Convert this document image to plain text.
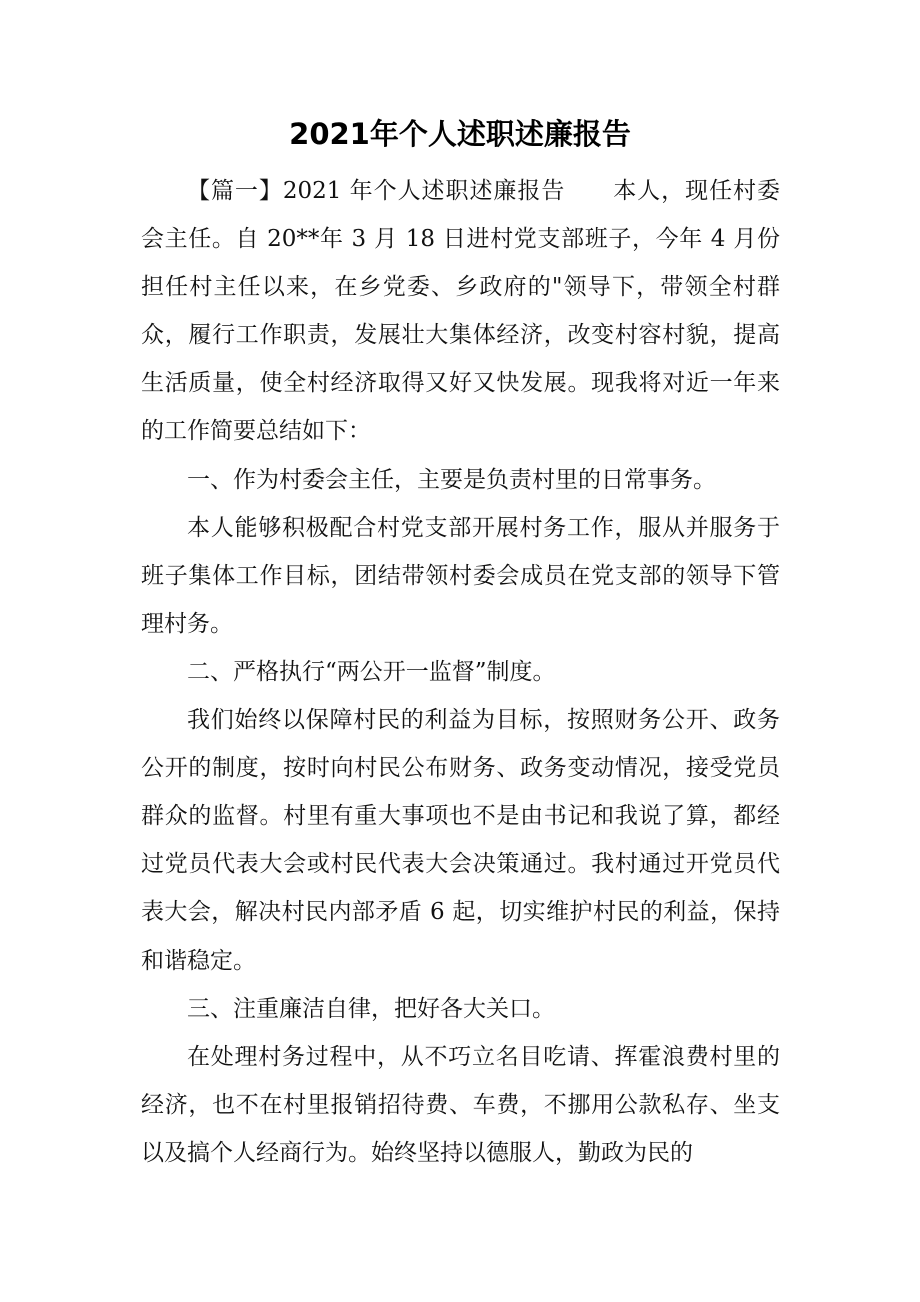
2021年个人述职述廉报告

【篇一】2021 年个人述职述廉报告　　本人，现任村委会主任。自 20**年 3 月 18 日进村党支部班子，今年 4 月份担任村主任以来，在乡党委、乡政府的"领导下，带领全村群众，履行工作职责，发展壮大集体经济，改变村容村貌，提高生活质量，使全村经济取得又好又快发展。现我将对近一年来的工作简要总结如下：

一、作为村委会主任，主要是负责村里的日常事务。

本人能够积极配合村党支部开展村务工作，服从并服务于班子集体工作目标，团结带领村委会成员在党支部的领导下管理村务。

二、严格执行“两公开一监督”制度。

我们始终以保障村民的利益为目标，按照财务公开、政务公开的制度，按时向村民公布财务、政务变动情况，接受党员群众的监督。村里有重大事项也不是由书记和我说了算，都经过党员代表大会或村民代表大会决策通过。我村通过开党员代表大会，解决村民内部矛盾 6 起，切实维护村民的利益，保持和谐稳定。

三、注重廉洁自律，把好各大关口。

在处理村务过程中，从不巧立名目吃请、挥霍浪费村里的经济，也不在村里报销招待费、车费，不挪用公款私存、坐支以及搞个人经商行为。始终坚持以德服人，勤政为民的
